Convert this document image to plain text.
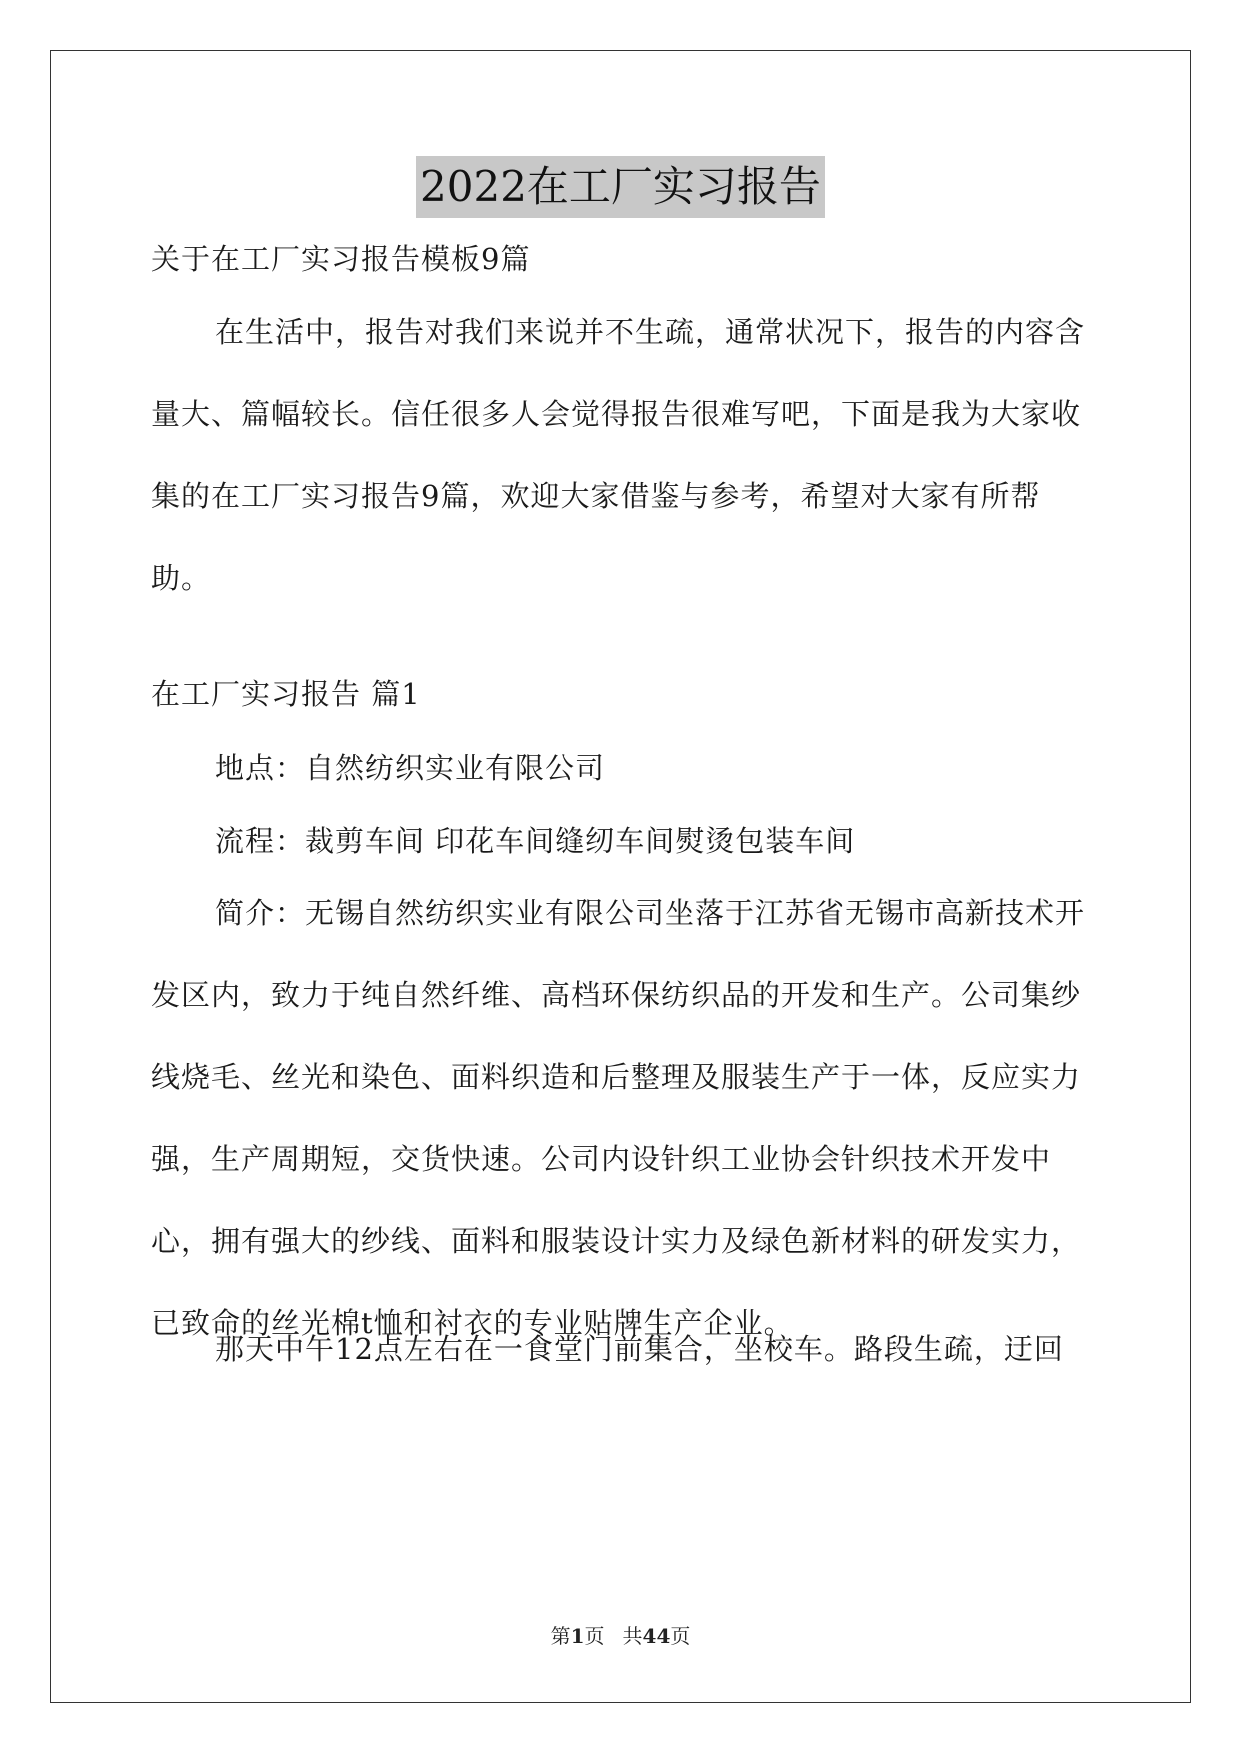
2022在工厂实习报告

关于在工厂实习报告模板9篇

在生活中，报告对我们来说并不生疏，通常状况下，报告的内容含量大、篇幅较长。信任很多人会觉得报告很难写吧，下面是我为大家收集的在工厂实习报告9篇，欢迎大家借鉴与参考，希望对大家有所帮助。

在工厂实习报告 篇1

地点：自然纺织实业有限公司

流程：裁剪车间 印花车间缝纫车间熨烫包装车间

简介：无锡自然纺织实业有限公司坐落于江苏省无锡市高新技术开发区内，致力于纯自然纤维、高档环保纺织品的开发和生产。公司集纱线烧毛、丝光和染色、面料织造和后整理及服装生产于一体，反应实力强，生产周期短，交货快速。公司内设针织工业协会针织技术开发中心，拥有强大的纱线、面料和服装设计实力及绿色新材料的研发实力，已致命的丝光棉t恤和衬衣的专业贴牌生产企业。

那天中午12点左右在一食堂门前集合，坐校车。路段生疏，迂回

第1页 共44页
